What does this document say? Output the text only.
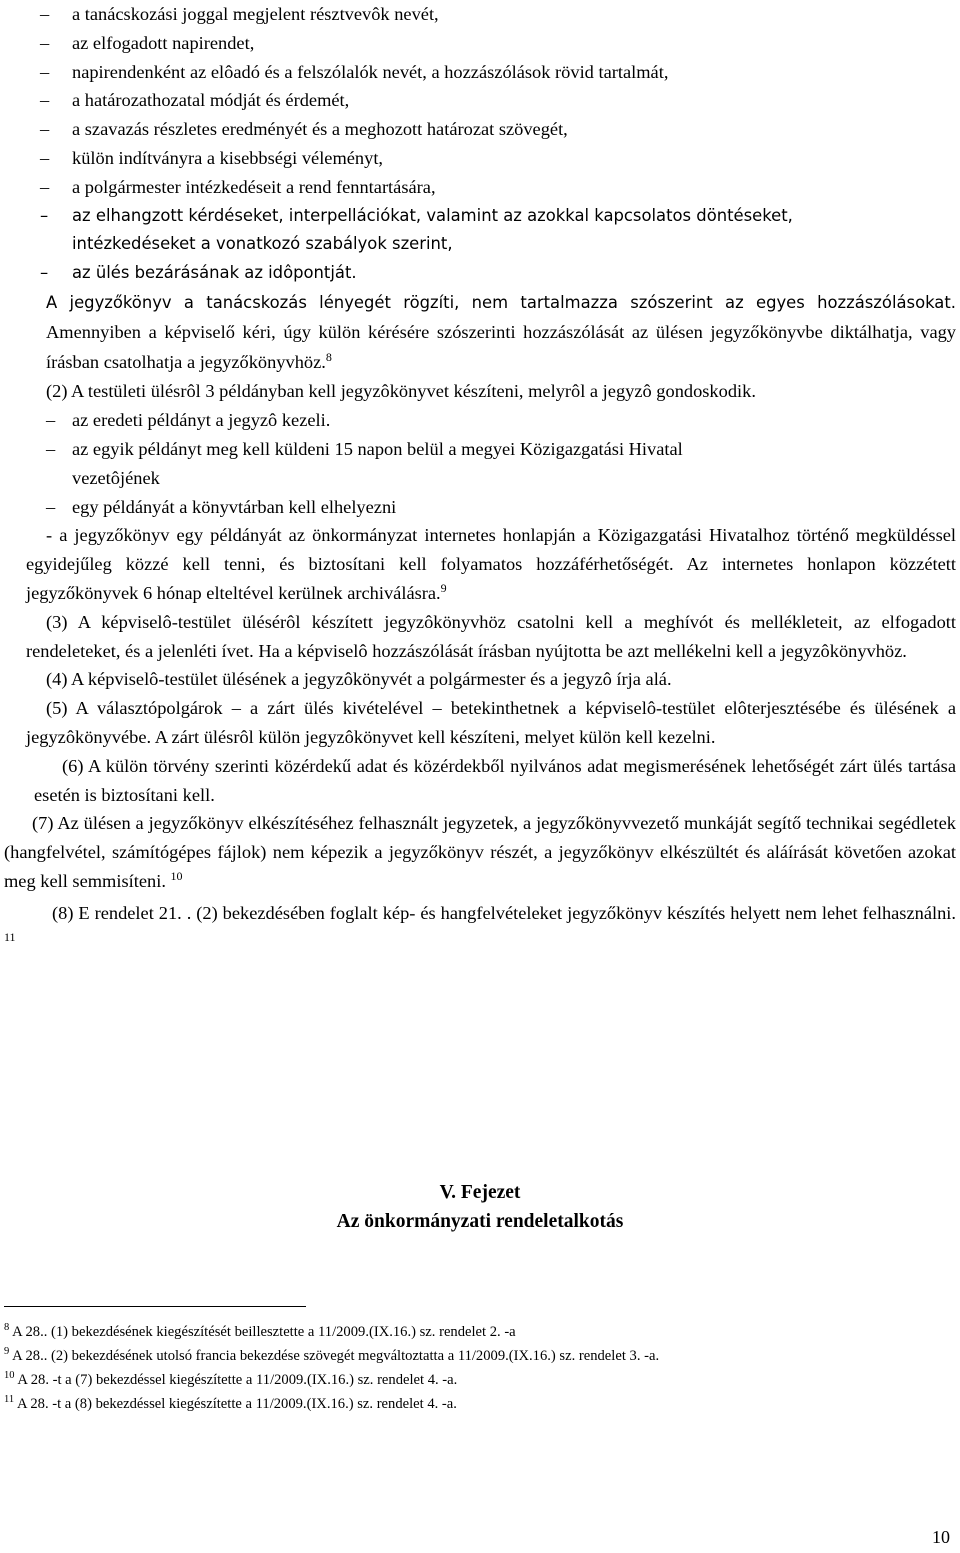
– a tanácskozási joggal megjelent résztvevôk nevét,

– az elfogadott napirendet,

– napirendenként az elôadó és a felszólalók nevét, a hozzászólások rövid tartalmát,

– a határozathozatal módját és érdemét,

– a szavazás részletes eredményét és a meghozott határozat szövegét,

– külön indítványra a kisebbségi véleményt,

– a polgármester intézkedéseit a rend fenntartására,

– az elhangzott kérdéseket, interpellációkat, valamint az azokkal kapcsolatos döntéseket,
intézkedéseket a vonatkozó szabályok szerint,

– az ülés bezárásának az idôpontját.

A jegyzőkönyv a tanácskozás lényegét rögzíti, nem tartalmazza szószerint az egyes hozzászólásokat. Amennyiben a képviselő kéri, úgy külön kérésére szószerinti hozzászólását az ülésen jegyzőkönyvbe diktálhatja, vagy írásban csatolhatja a jegyzőkönyvhöz.$^8$

(2) A testületi ülésrôl 3 példányban kell jegyzôkönyvet készíteni, melyrôl a jegyzô gondoskodik.

– az eredeti példányt a jegyzô kezeli.

– az egyik példányt meg kell küldeni 15 napon belül a megyei Közigazgatási Hivatal
vezetôjének

– egy példányát a könyvtárban kell elhelyezni

- a jegyzőkönyv egy példányát az önkormányzat internetes honlapján a Közigazgatási Hivatalhoz történő megküldéssel egyidejűleg közzé kell tenni, és biztosítani kell folyamatos hozzáférhetőségét. Az internetes honlapon közzétett jegyzőkönyvek 6 hónap elteltével kerülnek archiválásra.$^9$

(3) A képviselô-testület ülésérôl készített jegyzôkönyvhöz csatolni kell a meghívót és mellékleteit, az elfogadott rendeleteket, és a jelenléti ívet. Ha a képviselô hozzászólását írásban nyújtotta be azt mellékelni kell a jegyzôkönyvhöz.

(4) A képviselô-testület ülésének a jegyzôkönyvét a polgármester és a jegyzô írja alá.

(5) A választópolgárok – a zárt ülés kivételével – betekinthetnek a képviselô-testület elôterjesztésébe és ülésének a jegyzôkönyvébe. A zárt ülésrôl külön jegyzôkönyvet kell készíteni, melyet külön kell kezelni.

(6) A külön törvény szerinti közérdekű adat és közérdekből nyilvános adat megismerésének lehetőségét zárt ülés tartása esetén is biztosítani kell.

(7) Az ülésen a jegyzőkönyv elkészítéséhez felhasznált jegyzetek, a jegyzőkönyvvezető munkáját segítő technikai segédletek (hangfelvétel, számítógépes fájlok) nem képezik a jegyzőkönyv részét, a jegyzőkönyv elkészültét és aláírását követően azokat meg kell semmisíteni. $^{10}$

(8) E rendelet 21. . (2) bekezdésében foglalt kép- és hangfelvételeket jegyzőkönyv készítés helyett nem lehet felhasználni. $^{11}$

V. Fejezet
Az önkormányzati rendeletalkotás

$^8$ A 28.. (1) bekezdésének kiegészítését beillesztette a 11/2009.(IX.16.) sz. rendelet 2. -a

$^9$ A 28.. (2) bekezdésének utolsó francia bekezdése szövegét megváltoztatta a 11/2009.(IX.16.) sz. rendelet 3. -a.

$^{10}$ A 28. -t a (7) bekezdéssel kiegészítette a 11/2009.(IX.16.) sz. rendelet 4. -a.

$^{11}$ A 28. -t a (8) bekezdéssel kiegészítette a 11/2009.(IX.16.) sz. rendelet 4. -a.

10
